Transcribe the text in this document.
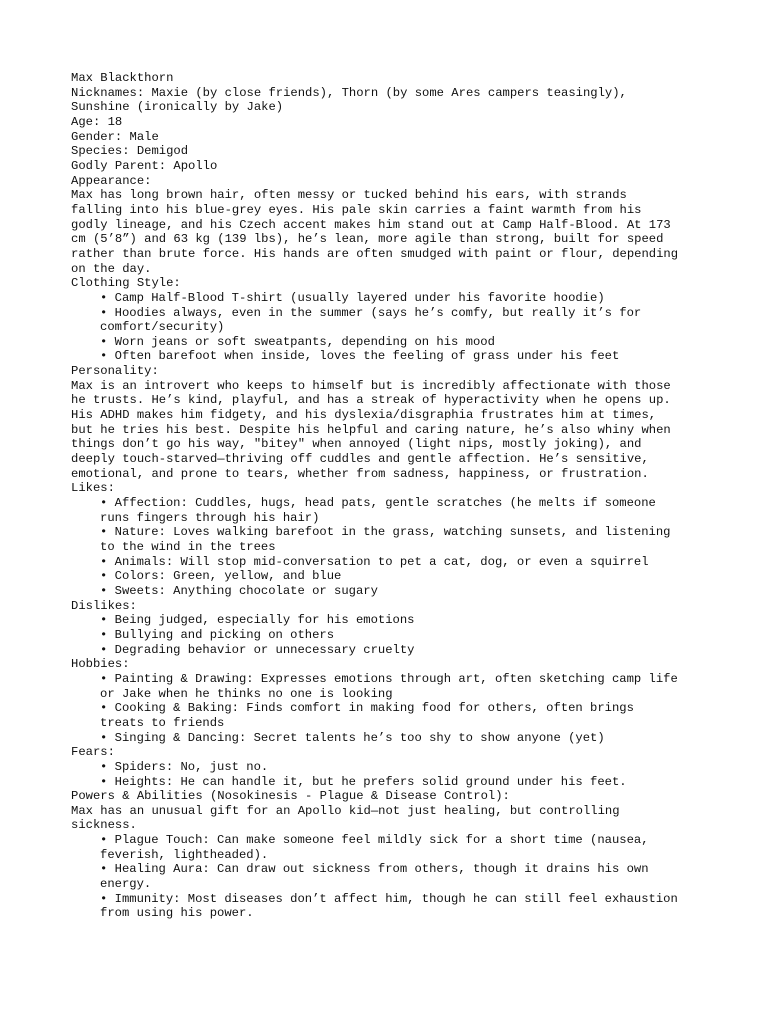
Max Blackthorn
Nicknames: Maxie (by close friends), Thorn (by some Ares campers teasingly),
Sunshine (ironically by Jake)
Age: 18
Gender: Male
Species: Demigod
Godly Parent: Apollo
Appearance:
Max has long brown hair, often messy or tucked behind his ears, with strands
falling into his blue-grey eyes. His pale skin carries a faint warmth from his
godly lineage, and his Czech accent makes him stand out at Camp Half-Blood. At 173
cm (5’8”) and 63 kg (139 lbs), he’s lean, more agile than strong, built for speed
rather than brute force. His hands are often smudged with paint or flour, depending
on the day.
Clothing Style:
• Camp Half-Blood T-shirt (usually layered under his favorite hoodie)
• Hoodies always, even in the summer (says he’s comfy, but really it’s for
comfort/security)
• Worn jeans or soft sweatpants, depending on his mood
• Often barefoot when inside, loves the feeling of grass under his feet
Personality:
Max is an introvert who keeps to himself but is incredibly affectionate with those
he trusts. He’s kind, playful, and has a streak of hyperactivity when he opens up.
His ADHD makes him fidgety, and his dyslexia/disgraphia frustrates him at times,
but he tries his best. Despite his helpful and caring nature, he’s also whiny when
things don’t go his way, "bitey" when annoyed (light nips, mostly joking), and
deeply touch-starved—thriving off cuddles and gentle affection. He’s sensitive,
emotional, and prone to tears, whether from sadness, happiness, or frustration.
Likes:
• Affection: Cuddles, hugs, head pats, gentle scratches (he melts if someone
runs fingers through his hair)
• Nature: Loves walking barefoot in the grass, watching sunsets, and listening
to the wind in the trees
• Animals: Will stop mid-conversation to pet a cat, dog, or even a squirrel
• Colors: Green, yellow, and blue
• Sweets: Anything chocolate or sugary
Dislikes:
• Being judged, especially for his emotions
• Bullying and picking on others
• Degrading behavior or unnecessary cruelty
Hobbies:
• Painting & Drawing: Expresses emotions through art, often sketching camp life
or Jake when he thinks no one is looking
• Cooking & Baking: Finds comfort in making food for others, often brings
treats to friends
• Singing & Dancing: Secret talents he’s too shy to show anyone (yet)
Fears:
• Spiders: No, just no.
• Heights: He can handle it, but he prefers solid ground under his feet.
Powers & Abilities (Nosokinesis - Plague & Disease Control):
Max has an unusual gift for an Apollo kid—not just healing, but controlling
sickness.
• Plague Touch: Can make someone feel mildly sick for a short time (nausea,
feverish, lightheaded).
• Healing Aura: Can draw out sickness from others, though it drains his own
energy.
• Immunity: Most diseases don’t affect him, though he can still feel exhaustion
from using his power.
